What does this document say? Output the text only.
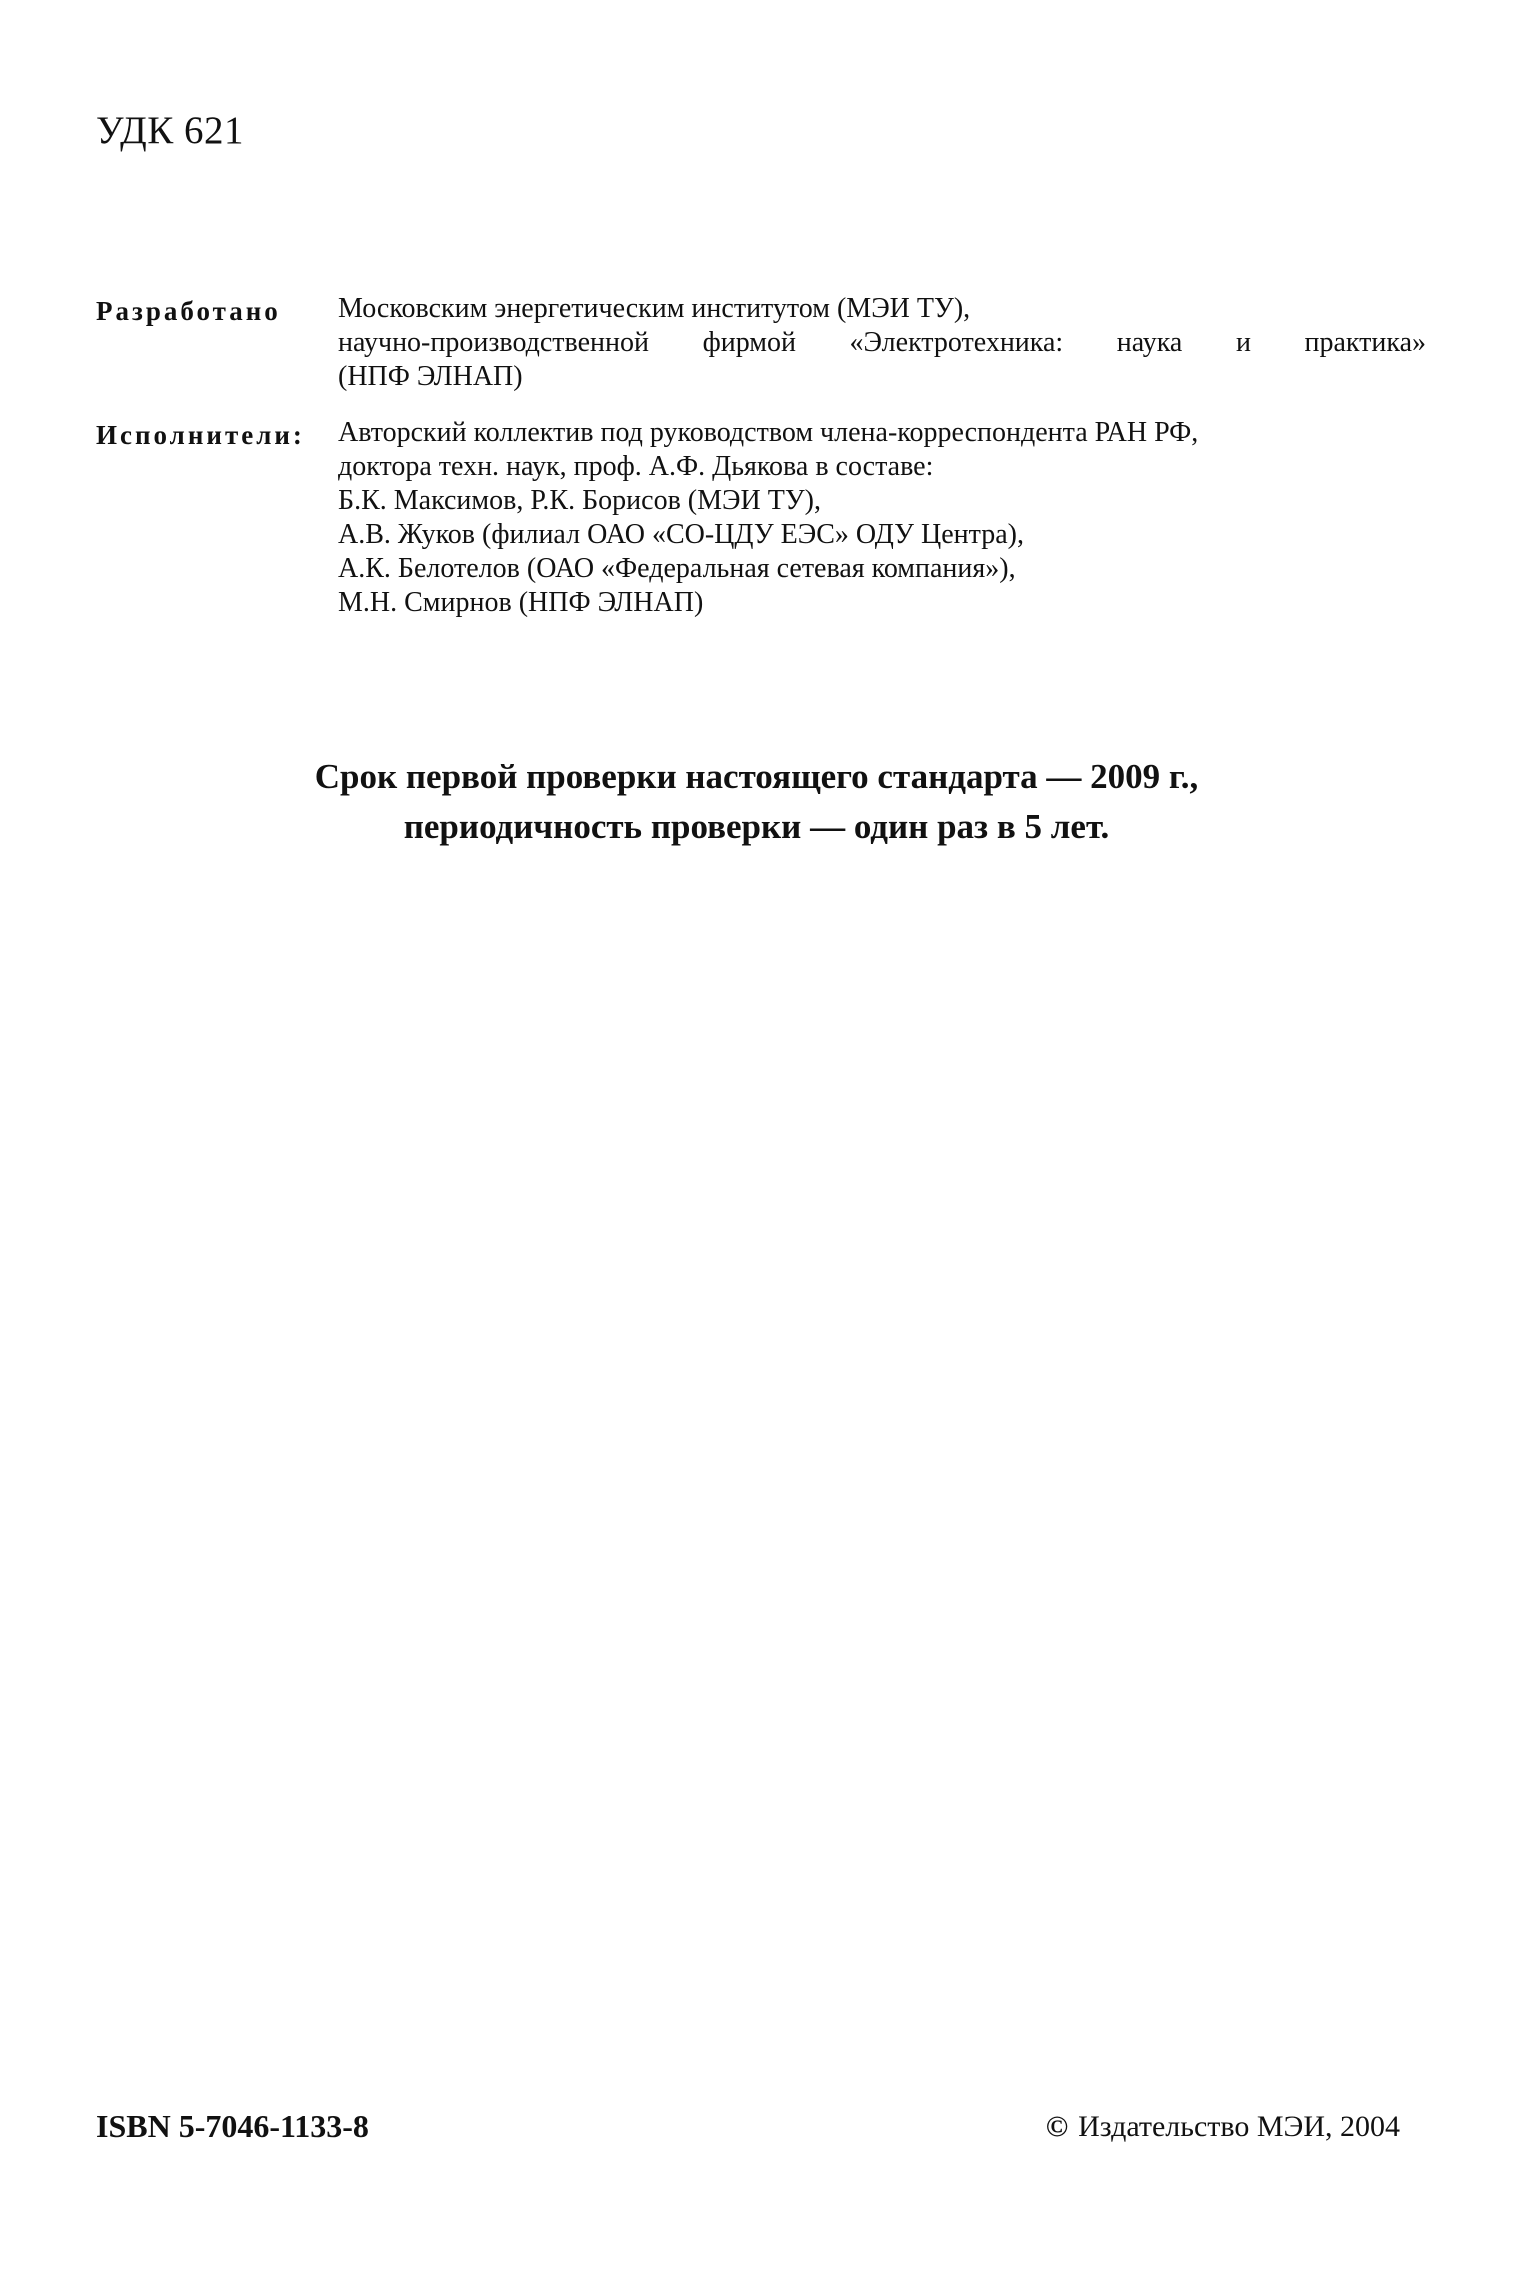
УДК 621
Разработано	Московским энергетическим институтом (МЭИ ТУ),
научно-производственной фирмой «Электротехника: наука и практика»
(НПФ ЭЛНАП)
Исполнители:	Авторский коллектив под руководством члена-корреспондента РАН РФ,
доктора техн. наук, проф. А.Ф. Дьякова в составе:
Б.К. Максимов, Р.К. Борисов (МЭИ ТУ),
А.В. Жуков (филиал ОАО «СО-ЦДУ ЕЭС» ОДУ Центра),
А.К. Белотелов (ОАО «Федеральная сетевая компания»),
М.Н. Смирнов (НПФ ЭЛНАП)
Срок первой проверки настоящего стандарта — 2009 г.,
периодичность проверки — один раз в 5 лет.
ISBN 5-7046-1133-8	© Издательство МЭИ, 2004
